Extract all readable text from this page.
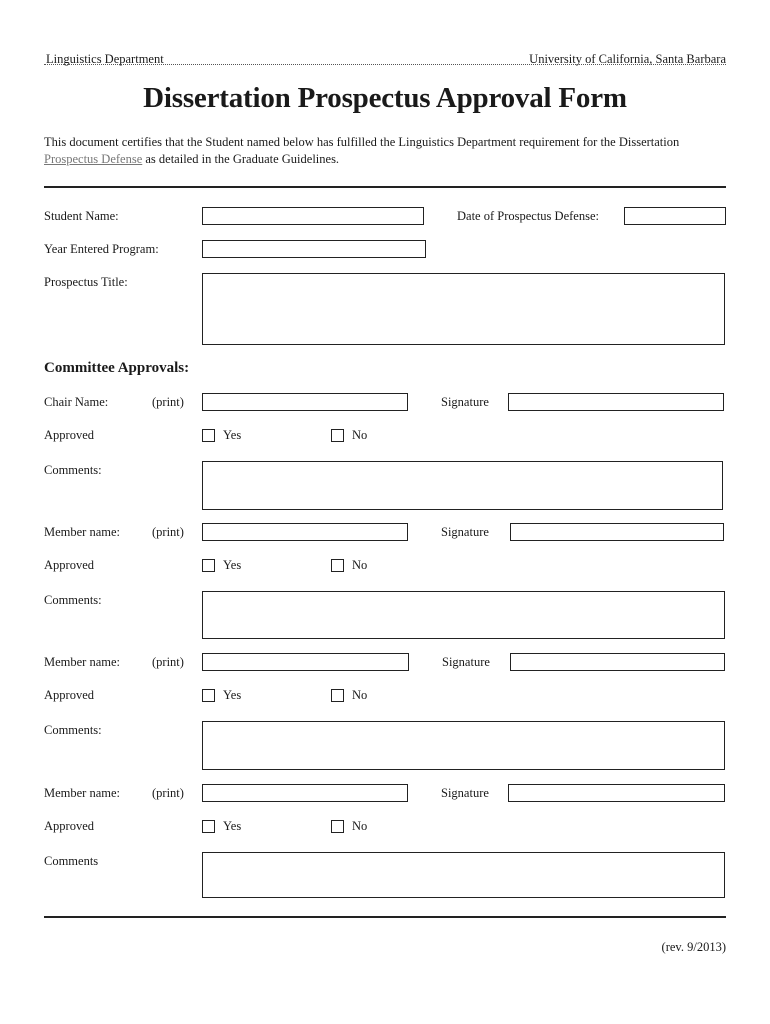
Linguistics Department	University of California, Santa Barbara
Dissertation Prospectus Approval Form
This document certifies that the Student named below has fulfilled the Linguistics Department requirement for the Dissertation Prospectus Defense as detailed in the Graduate Guidelines.
Student Name:	Date of Prospectus Defense:
Year Entered Program:
Prospectus Title:
Committee Approvals:
Chair Name:	(print)	Signature
Approved	Yes	No
Comments:
Member name:	(print)	Signature
Approved	Yes	No
Comments:
Member name:	(print)	Signature
Approved	Yes	No
Comments:
Member name:	(print)	Signature
Approved	Yes	No
Comments
(rev. 9/2013)
